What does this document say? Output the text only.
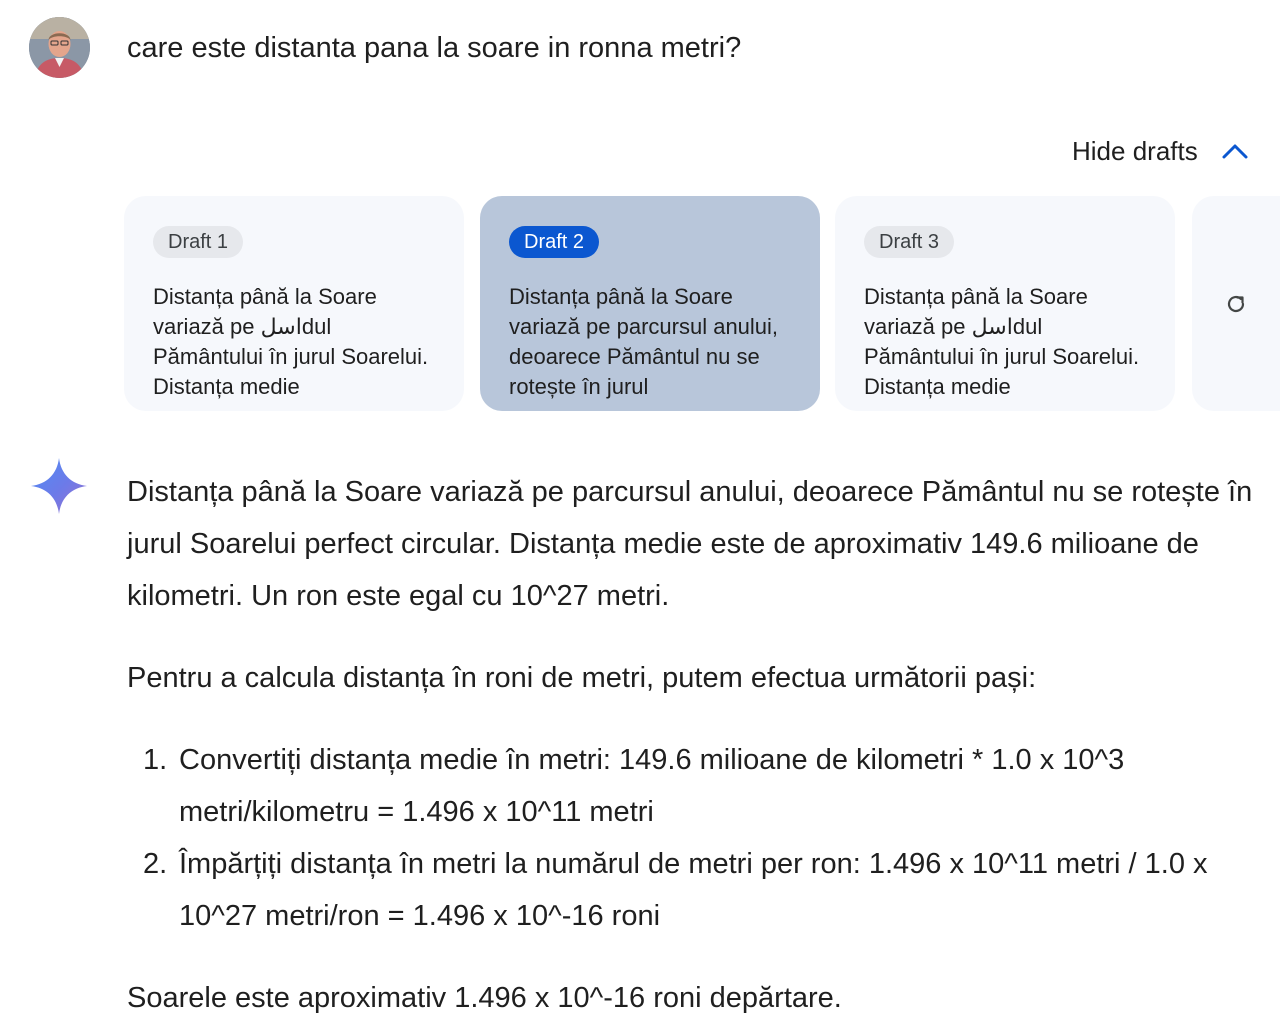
care este distanta pana la soare in ronna metri?
Hide drafts
Draft 1
Distanța până la Soare variază pe اسلdul Pământului în jurul Soarelui. Distanța medie
Draft 2
Distanța până la Soare variază pe parcursul anului, deoarece Pământul nu se rotește în jurul
Draft 3
Distanța până la Soare variază pe اسلdul Pământului în jurul Soarelui. Distanța medie

Distanța până la Soare variază pe parcursul anului, deoarece Pământul nu se rotește în jurul Soarelui perfect circular. Distanța medie este de aproximativ 149.6 milioane de kilometri. Un ron este egal cu 10^27 metri.

Pentru a calcula distanța în roni de metri, putem efectua următorii pași:

1. Convertiți distanța medie în metri: 149.6 milioane de kilometri * 1.0 x 10^3 metri/kilometru = 1.496 x 10^11 metri
2. Împărțiți distanța în metri la numărul de metri per ron: 1.496 x 10^11 metri / 1.0 x 10^27 metri/ron = 1.496 x 10^-16 roni

Soarele este aproximativ 1.496 x 10^-16 roni depărtare.
